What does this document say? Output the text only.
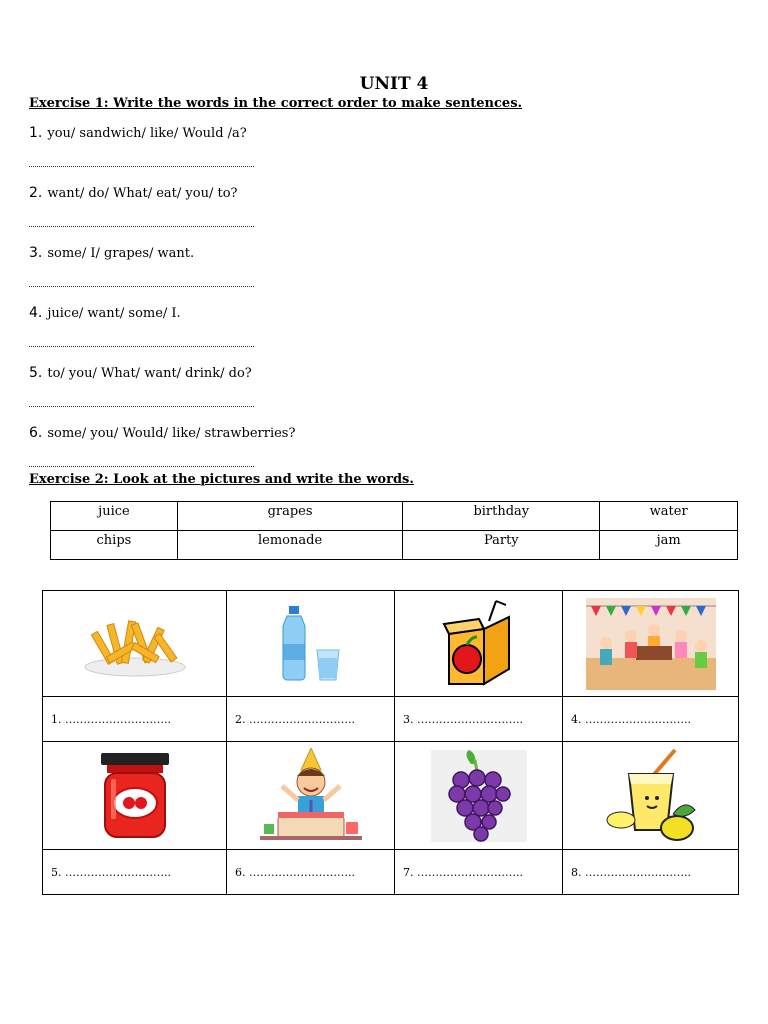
UNIT 4
Exercise 1: Write the words in the correct order to make sentences.
1. you/ sandwich/ like/ Would /a?
2. want/ do/ What/ eat/ you/ to?
3. some/ I/ grapes/ want.
4. juice/ want/ some/ I.
5. to/ you/ What/ want/ drink/ do?
6. some/ you/ Would/ like/ strawberries?
Exercise 2: Look at the pictures and write the words.
juice	grapes	birthday	water
chips	lemonade	Party	jam

1. ………………………..	2. ………………………..	3. ………………………..	4. ………………………..

5. ………………………..	6. ………………………..	7. ………………………..	8. ………………………..
